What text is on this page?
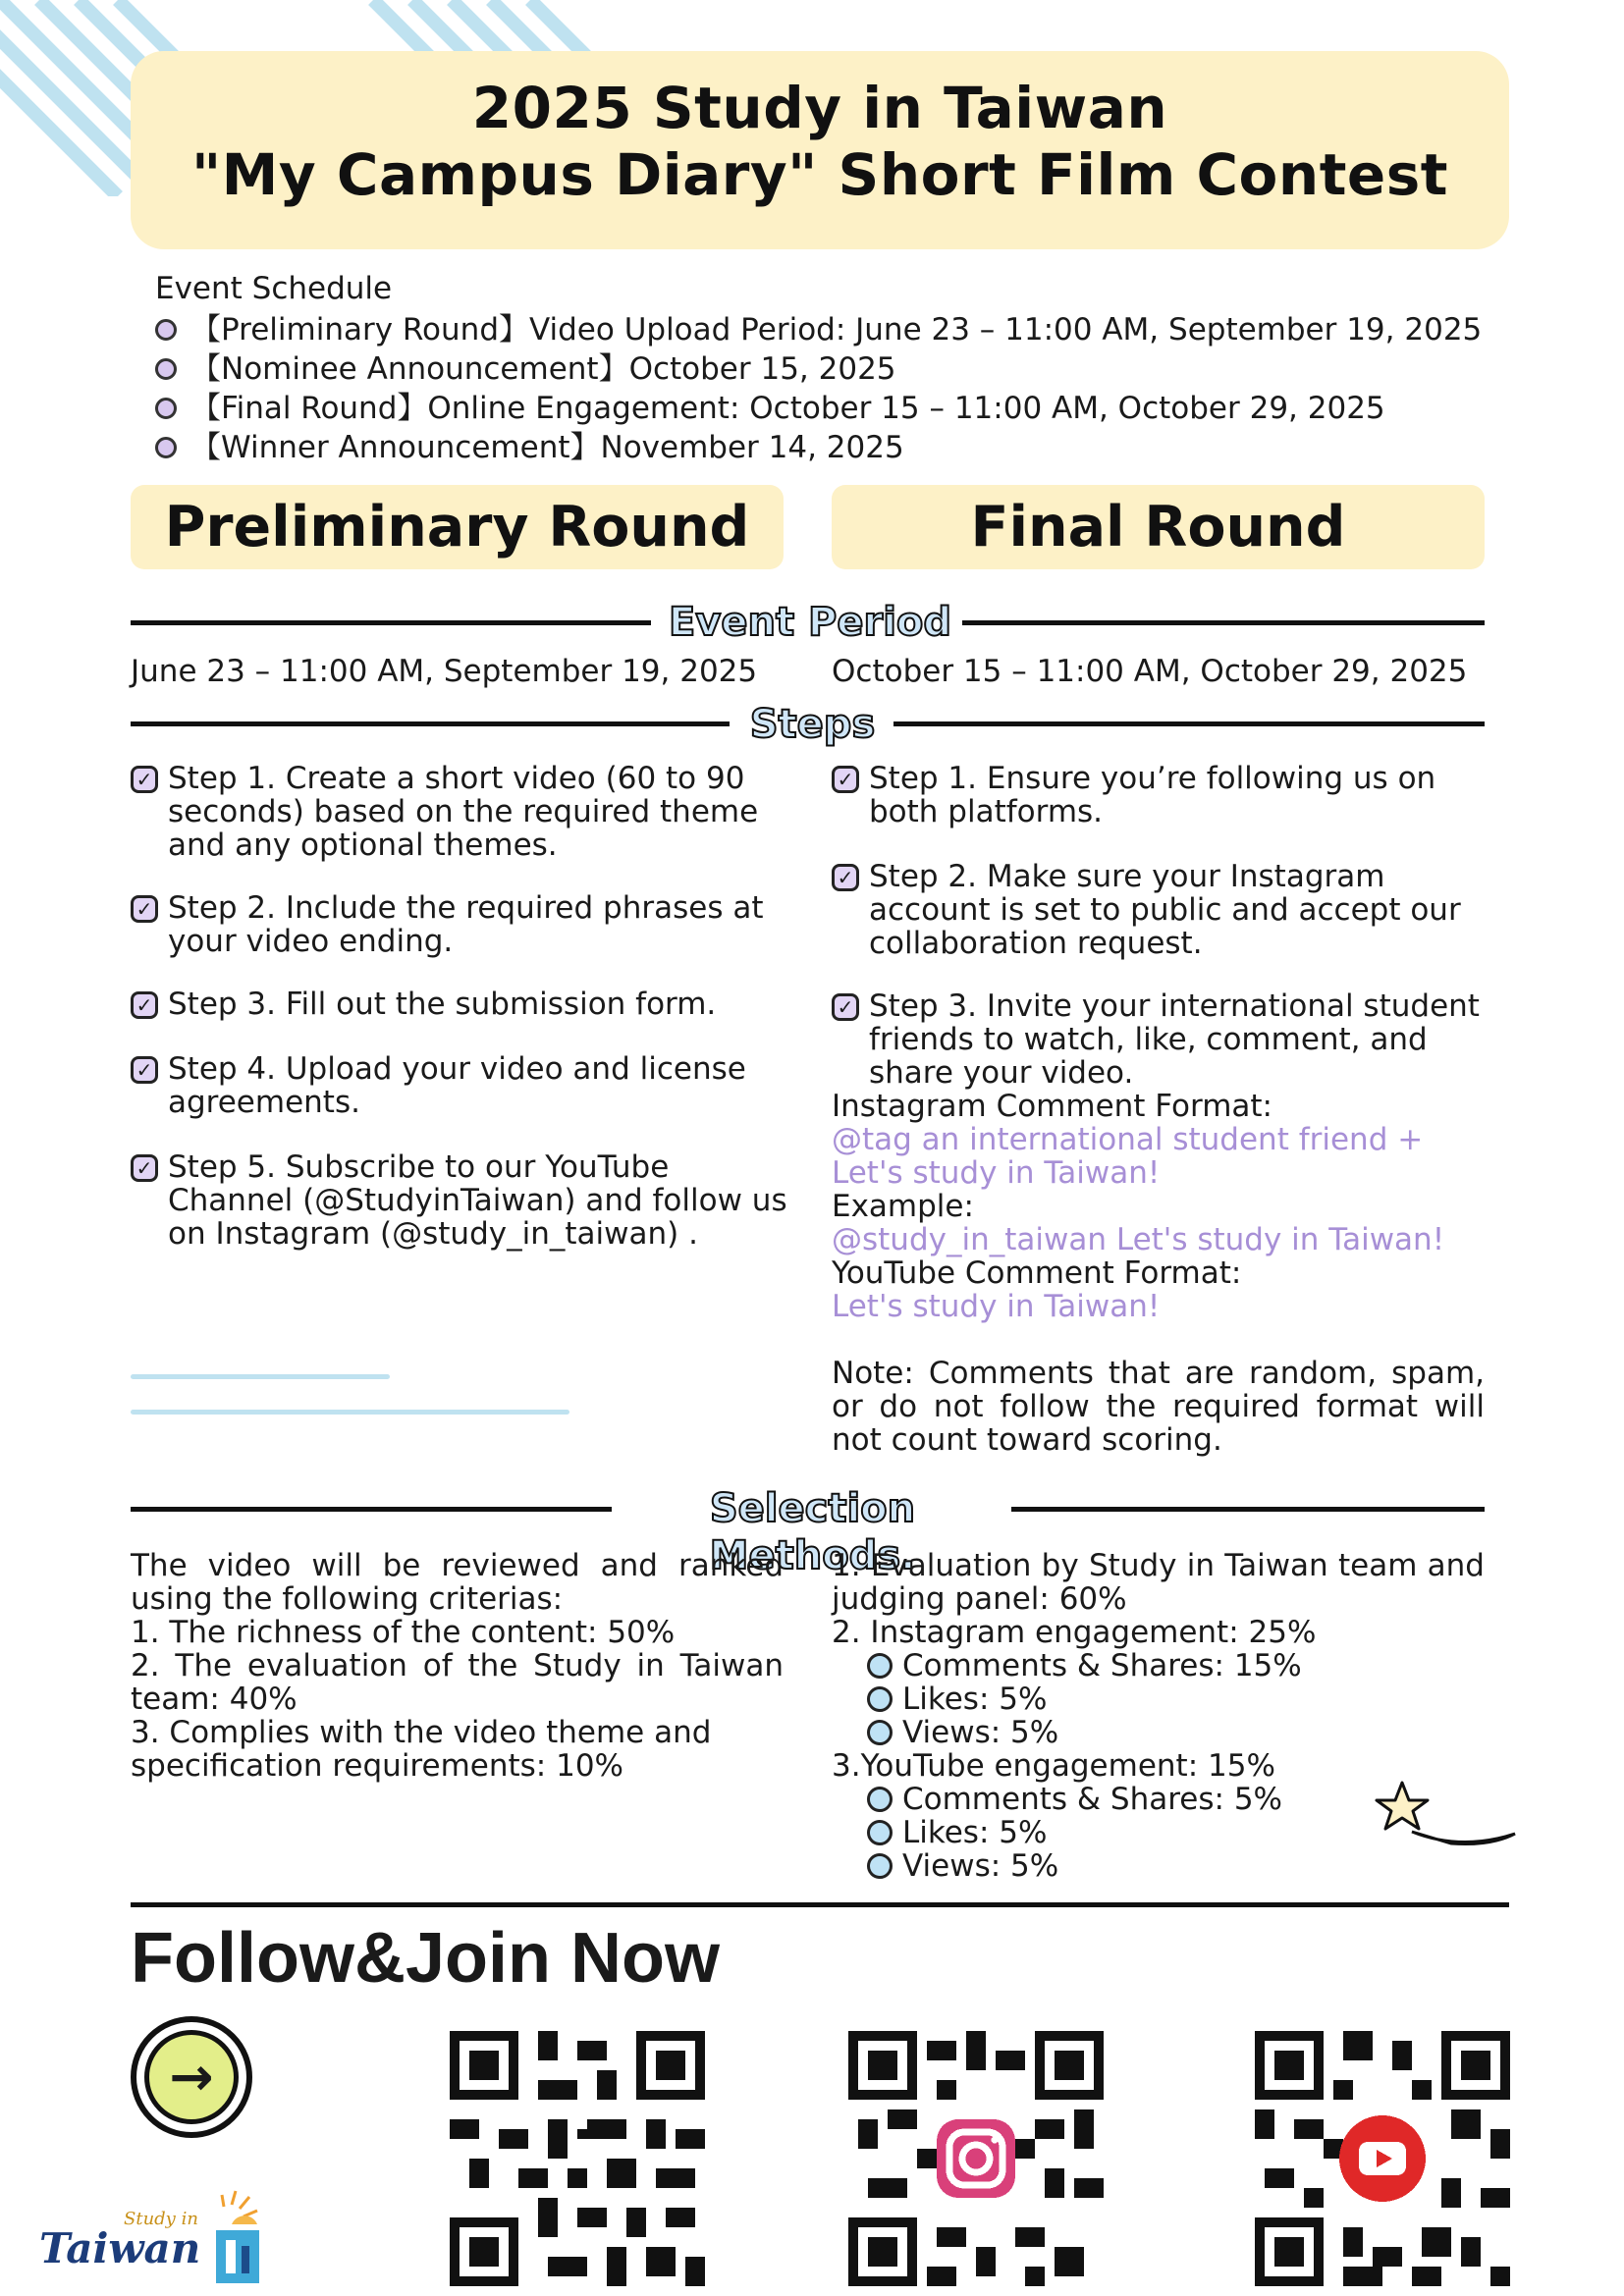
2025 Study in Taiwan
"My Campus Diary" Short Film Contest
Event Schedule
【Preliminary Round】Video Upload Period: June 23 – 11:00 AM, September 19, 2025
【Nominee Announcement】October 15, 2025
【Final Round】Online Engagement: October 15 – 11:00 AM, October 29, 2025
【Winner Announcement】November 14, 2025
Preliminary Round	Final Round
Event Period
June 23 – 11:00 AM, September 19, 2025 October 15 – 11:00 AM, October 29, 2025
Steps
✓ Step 1. Create a short video (60 to 90 seconds) based on the required theme and any optional themes.
✓ Step 2. Include the required phrases at your video ending.
✓ Step 3. Fill out the submission form.
✓ Step 4. Upload your video and license agreements.
✓ Step 5. Subscribe to our YouTube Channel (@StudyinTaiwan) and follow us on Instagram (@study_in_taiwan) .
✓ Step 1. Ensure you’re following us on both platforms.
✓ Step 2. Make sure your Instagram account is set to public and accept our collaboration request.
✓ Step 3. Invite your international student friends to watch, like, comment, and share your video.
Instagram Comment Format:
@tag an international student friend + Let's study in Taiwan!
Example:
@study_in_taiwan Let's study in Taiwan!
YouTube Comment Format:
Let's study in Taiwan!
Note: Comments that are random, spam, or do not follow the required format will not count toward scoring.
Selection Methods.
The video will be reviewed and ranked using the following criterias:
1. The richness of the content: 50%
2. The evaluation of the Study in Taiwan team: 40%
3. Complies with the video theme and specification requirements: 10%
1. Evaluation by Study in Taiwan team and judging panel: 60%
2. Instagram engagement: 25%
Comments & Shares: 15%
Likes: 5%
Views: 5%
3.YouTube engagement: 15%
Comments & Shares: 5%
Likes: 5%
Views: 5%
Follow&Join Now
→
Study in
Taiwan
